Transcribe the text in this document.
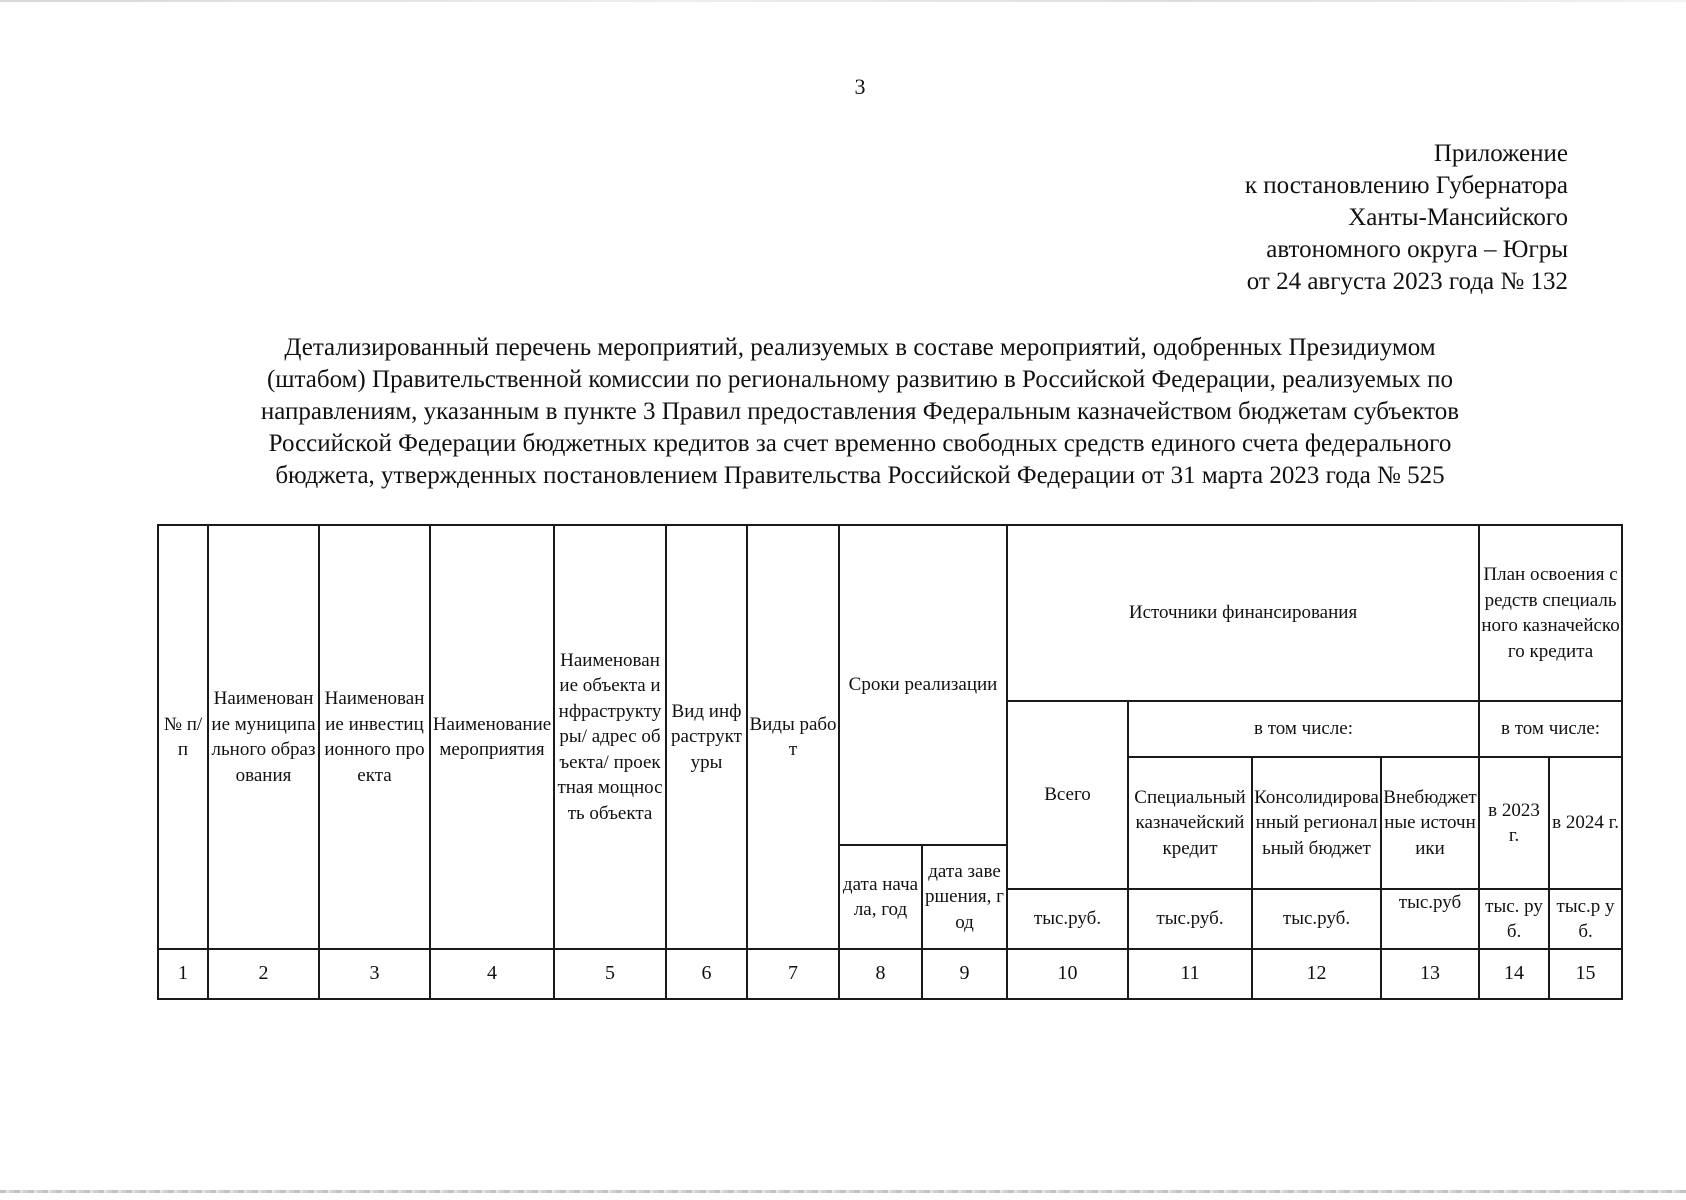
3
Приложение
к постановлению Губернатора
Ханты-Мансийского
автономного округа – Югры
от 24 августа 2023 года № 132
Детализированный перечень мероприятий, реализуемых в составе мероприятий, одобренных Президиумом
(штабом) Правительственной комиссии по региональному развитию в Российской Федерации, реализуемых по
направлениям, указанным в пункте 3 Правил предоставления Федеральным казначейством бюджетам субъектов
Российской Федерации бюджетных кредитов за счет временно свободных средств единого счета федерального
бюджета, утвержденных постановлением Правительства Российской Федерации от 31 марта 2023 года № 525
№ п/ п	Наименование муниципального образования	Наименование инвестиционного проекта	Наименование мероприятия	Наименование объекта инфраструктуры/ адрес объекта/ проектная мощность объекта	Вид инфраструктуры	Виды работ	Сроки реализации		Источники финансирования				План освоения средств специального казначейского кредита	
									Всего	в том числе:			в том числе:	
										Специальный казначейский кредит	Консолидированный региональный бюджет	Внебюджетные источники	в 2023 г.	в 2024 г.
							дата начала, год	дата завершения, год						
									тыс.руб.	тыс.руб.	тыс.руб.	тыс.руб	тыс. руб.	тыс.р уб.
1	2	3	4	5	6	7	8	9	10	11	12	13	14	15
